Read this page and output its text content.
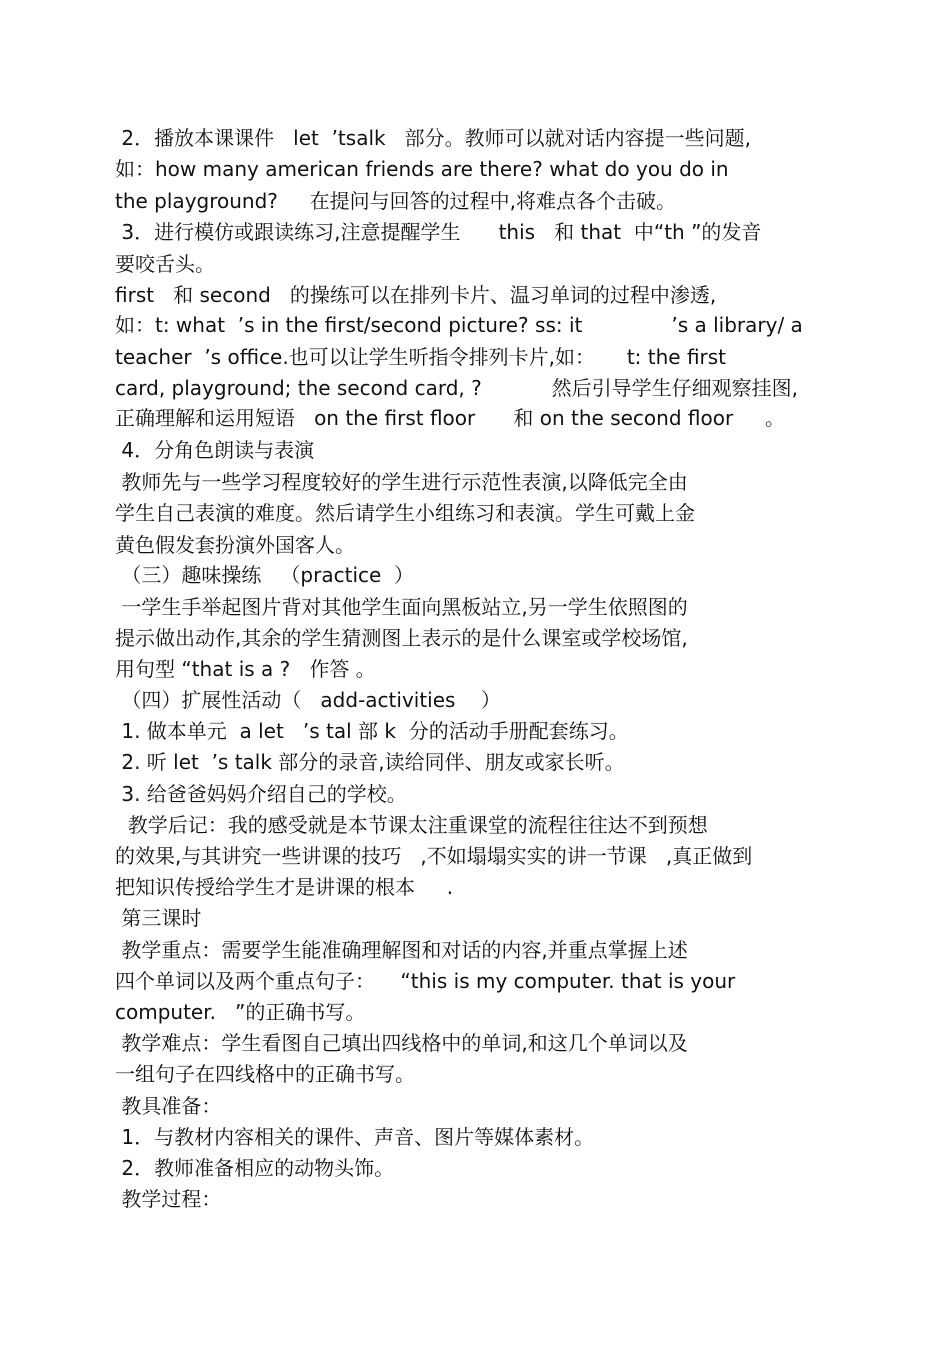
2．播放本课课件   let  ’tsalk   部分。教师可以就对话内容提一些问题,
如：how many american friends are there? what do you do in
the playground?     在提问与回答的过程中,将难点各个击破。
3．进行模仿或跟读练习,注意提醒学生      this   和 that  中“th ”的发音
要咬舌头。
first   和 second   的操练可以在排列卡片、温习单词的过程中渗透,
如：t: what  ’s in the first/second picture? ss: it              ’s a library/ a
teacher  ’s office.也可以让学生听指令排列卡片,如：     t: the first
card, playground; the second card, ?           然后引导学生仔细观察挂图,
正确理解和运用短语   on the first floor      和 on the second floor     。
4．分角色朗读与表演
教师先与一些学习程度较好的学生进行示范性表演,以降低完全由
学生自己表演的难度。然后请学生小组练习和表演。学生可戴上金
黄色假发套扮演外国客人。
（三）趣味操练   （practice  ）
一学生手举起图片背对其他学生面向黑板站立,另一学生依照图的
提示做出动作,其余的学生猜测图上表示的是什么课室或学校场馆,
用句型 “that is a ?   作答 。
（四）扩展性活动（   add-activities    ）
1. 做本单元  a let   ’s tal 部 k  分的活动手册配套练习。
2. 听 let  ’s talk 部分的录音,读给同伴、朋友或家长听。
3. 给爸爸妈妈介绍自己的学校。
教学后记：我的感受就是本节课太注重课堂的流程往往达不到预想
的效果,与其讲究一些讲课的技巧   ,不如塌塌实实的讲一节课   ,真正做到
把知识传授给学生才是讲课的根本     .
第三课时
教学重点：需要学生能准确理解图和对话的内容,并重点掌握上述
四个单词以及两个重点句子：    “this is my computer. that is your
computer.   ”的正确书写。
教学难点：学生看图自己填出四线格中的单词,和这几个单词以及
一组句子在四线格中的正确书写。
教具准备：
1．与教材内容相关的课件、声音、图片等媒体素材。
2．教师准备相应的动物头饰。
教学过程：
